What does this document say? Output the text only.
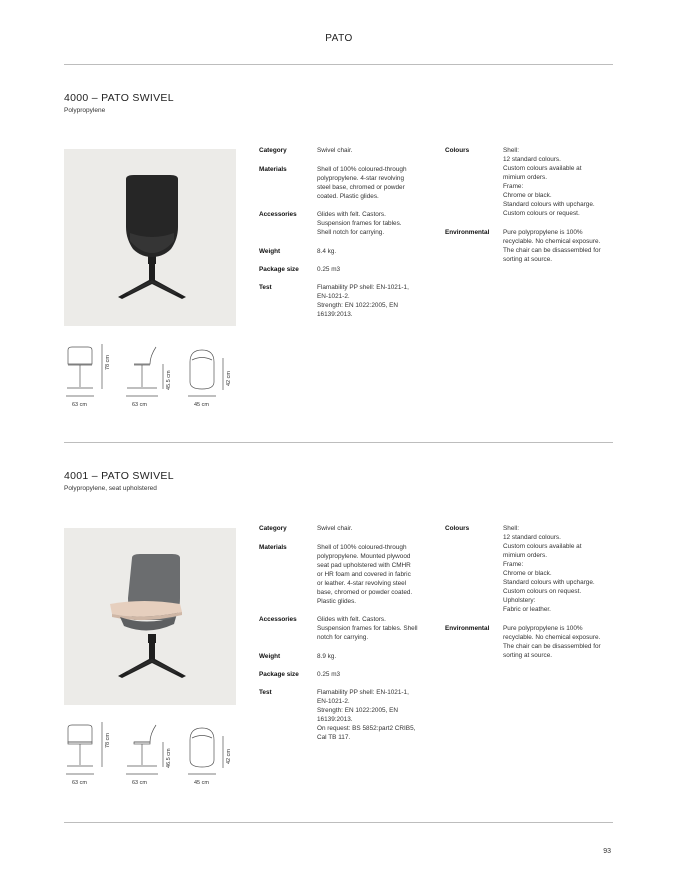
PATO
4000 – PATO SWIVEL
Polypropylene
63 cm
78 cm
63 cm
45.5 cm
45 cm
42 cm
Category	Swivel chair.
Materials	Shell of 100% coloured-through
polypropylene. 4-star revolving
steel base, chromed or powder
coated. Plastic glides.
Accessories	Glides with felt. Castors.
Suspension frames for tables.
Shell notch for carrying.
Weight	8.4 kg.
Package size	0.25 m3
Test	Flamability PP shell: EN-1021-1,
EN-1021-2.
Strength: EN 1022:2005, EN
16139:2013.
Colours	Shell:
12 standard colours.
Custom colours available at
mimium orders.
Frame:
Chrome or black.
Standard colours with upcharge.
Custom colours or request.
Environmental	Pure polypropylene is 100%
recyclable. No chemical exposure.
The chair can be disassembled for
sorting at source.
4001 – PATO SWIVEL
Polypropylene, seat upholstered
63 cm
78 cm
63 cm
46.5 cm
45 cm
42 cm
Category	Swivel chair.
Materials	Shell of 100% coloured-through
polypropylene. Mounted plywood
seat pad upholstered with CMHR
or HR foam and covered in fabric
or leather. 4-star revolving steel
base, chromed or powder coated.
Plastic glides.
Accessories	Glides with felt. Castors.
Suspension frames for tables. Shell
notch for carrying.
Weight	8.9 kg.
Package size	0.25 m3
Test	Flamability PP shell: EN-1021-1,
EN-1021-2.
Strength: EN 1022:2005, EN
16139:2013.
On request: BS 5852:part2 CRIB5,
Cal TB 117.
Colours	Shell:
12 standard colours.
Custom colours available at
mimium orders.
Frame:
Chrome or black.
Standard colours with upcharge.
Custom colours on request.
Upholstery:
Fabric or leather.
Environmental	Pure polypropylene is 100%
recyclable. No chemical exposure.
The chair can be disassembled for
sorting at source.
93
